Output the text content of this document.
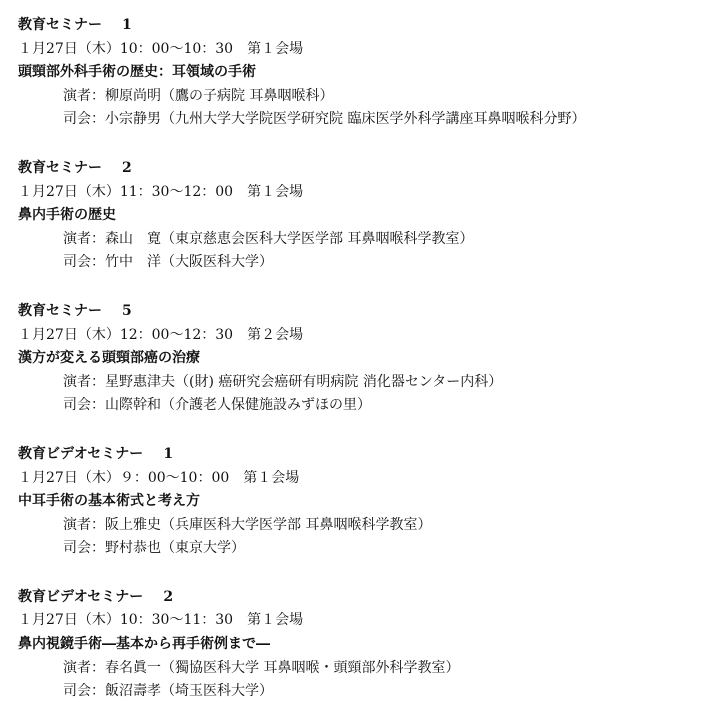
教育セミナー 1
１月27日（木）10：00～10：30　第１会場
頭頸部外科手術の歴史：耳領域の手術
演者：柳原尚明（鷹の子病院 耳鼻咽喉科）
司会：小宗静男（九州大学大学院医学研究院 臨床医学外科学講座耳鼻咽喉科分野）
教育セミナー 2
１月27日（木）11：30～12：00　第１会場
鼻内手術の歴史
演者：森山　寛（東京慈恵会医科大学医学部 耳鼻咽喉科学教室）
司会：竹中　洋（大阪医科大学）
教育セミナー 5
１月27日（木）12：00～12：30　第２会場
漢方が変える頭頸部癌の治療
演者：星野惠津夫（(財) 癌研究会癌研有明病院 消化器センター内科）
司会：山際幹和（介護老人保健施設みずほの里）
教育ビデオセミナー 1
１月27日（木）９：00～10：00　第１会場
中耳手術の基本術式と考え方
演者：阪上雅史（兵庫医科大学医学部 耳鼻咽喉科学教室）
司会：野村恭也（東京大学）
教育ビデオセミナー 2
１月27日（木）10：30～11：30　第１会場
鼻内視鏡手術―基本から再手術例まで―
演者：春名眞一（獨協医科大学 耳鼻咽喉・頭頸部外科学教室）
司会：飯沼壽孝（埼玉医科大学）
